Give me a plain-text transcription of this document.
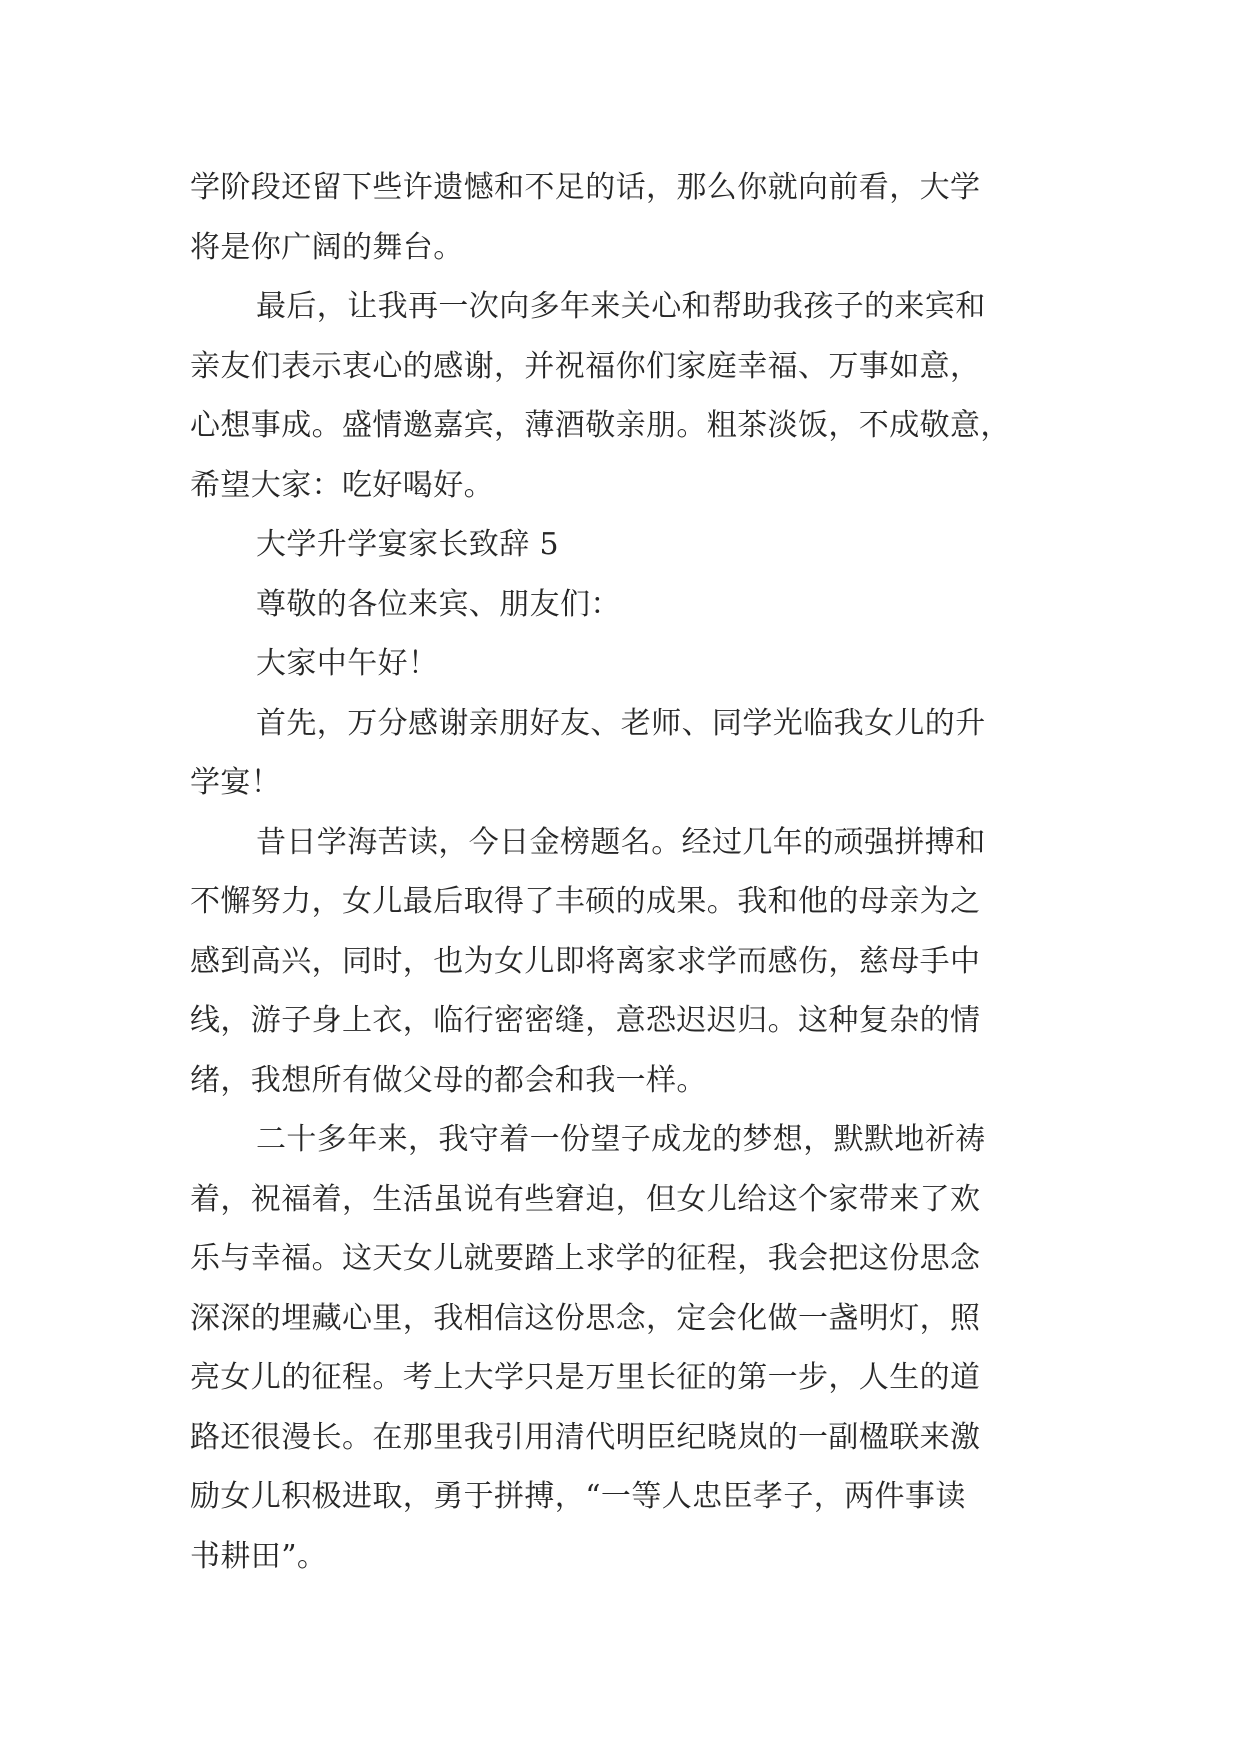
学阶段还留下些许遗憾和不足的话，那么你就向前看，大学
将是你广阔的舞台。
最后，让我再一次向多年来关心和帮助我孩子的来宾和
亲友们表示衷心的感谢，并祝福你们家庭幸福、万事如意，
心想事成。盛情邀嘉宾，薄酒敬亲朋。粗茶淡饭，不成敬意，
希望大家：吃好喝好。
大学升学宴家长致辞 5
尊敬的各位来宾、朋友们：
大家中午好！
首先，万分感谢亲朋好友、老师、同学光临我女儿的升
学宴！
昔日学海苦读，今日金榜题名。经过几年的顽强拼搏和
不懈努力，女儿最后取得了丰硕的成果。我和他的母亲为之
感到高兴，同时，也为女儿即将离家求学而感伤，慈母手中
线，游子身上衣，临行密密缝，意恐迟迟归。这种复杂的情
绪，我想所有做父母的都会和我一样。
二十多年来，我守着一份望子成龙的梦想，默默地祈祷
着，祝福着，生活虽说有些窘迫，但女儿给这个家带来了欢
乐与幸福。这天女儿就要踏上求学的征程，我会把这份思念
深深的埋藏心里，我相信这份思念，定会化做一盏明灯，照
亮女儿的征程。考上大学只是万里长征的第一步，人生的道
路还很漫长。在那里我引用清代明臣纪晓岚的一副楹联来激
励女儿积极进取，勇于拼搏，“一等人忠臣孝子，两件事读
书耕田”。
